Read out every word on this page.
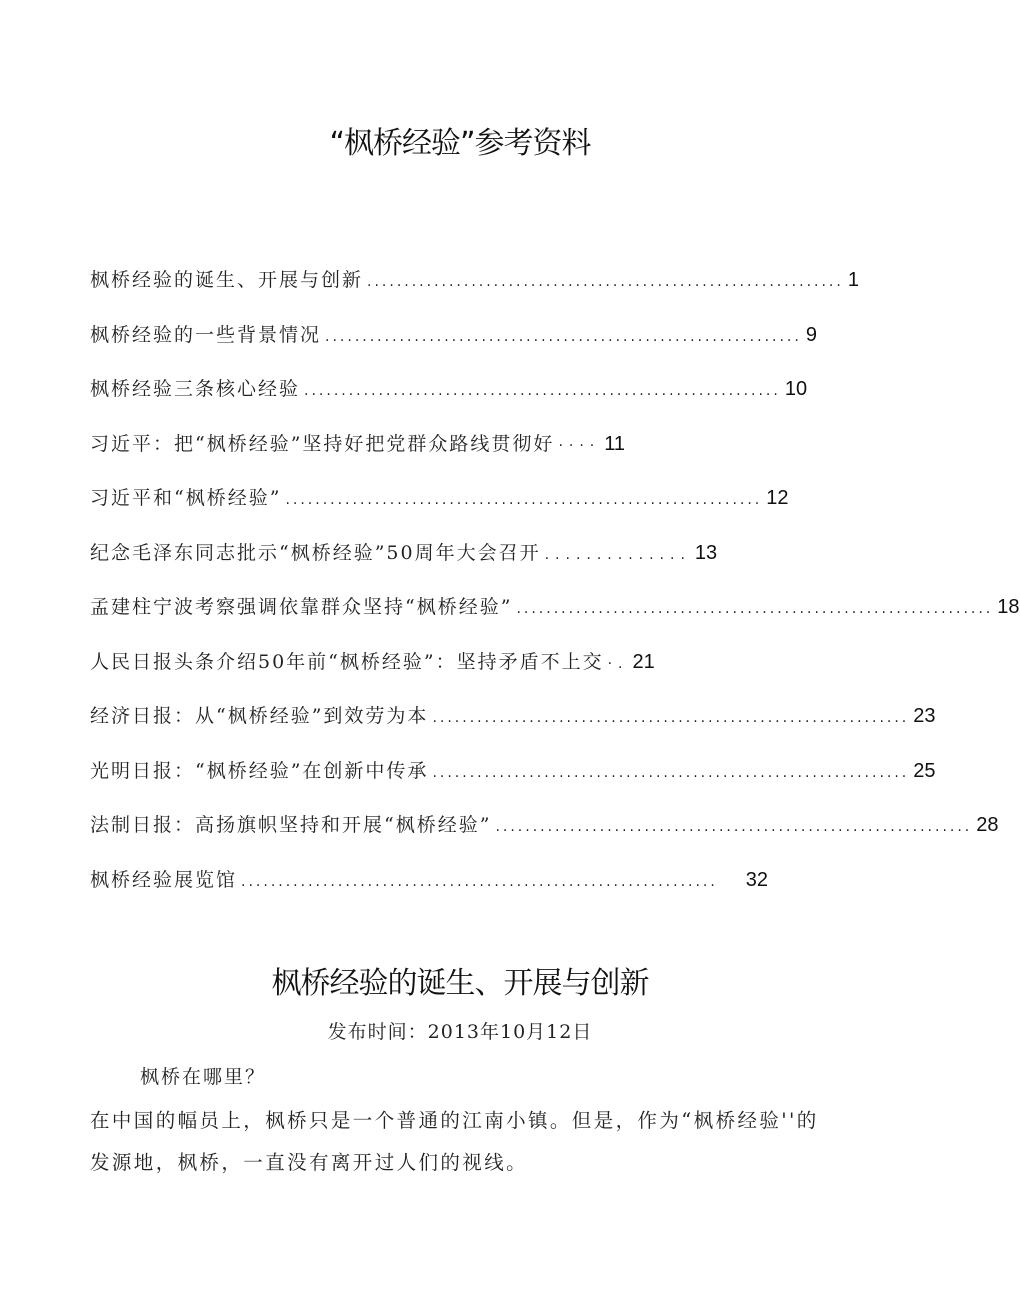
“枫桥经验”参考资料
枫桥经验的诞生、开展与创新 ................................................................ 1
枫桥经验的一些背景情况 ................................................................ 9
枫桥经验三条核心经验 ................................................................ 10
习近平：把“枫桥经验”坚持好把党群众路线贯彻好 ···· 11
习近平和“枫桥经验” ................................................................ 12
纪念毛泽东同志批示“枫桥经验”50周年大会召开 .............. 13
孟建柱宁波考察强调依靠群众坚持“枫桥经验” ................................................................ 18
人民日报头条介绍50年前“枫桥经验”：坚持矛盾不上交 ·. 21
经济日报：从“枫桥经验”到效劳为本 ................................................................ 23
光明日报：“枫桥经验”在创新中传承 ................................................................ 25
法制日报：高扬旗帜坚持和开展“枫桥经验” ................................................................ 28
枫桥经验展览馆 ................................................................	32
枫桥经验的诞生、开展与创新
发布时间：2013年10月12日
枫桥在哪里？
在中国的幅员上，枫桥只是一个普通的江南小镇。但是，作为“枫桥经验''的发源地，枫桥，一直没有离开过人们的视线。
